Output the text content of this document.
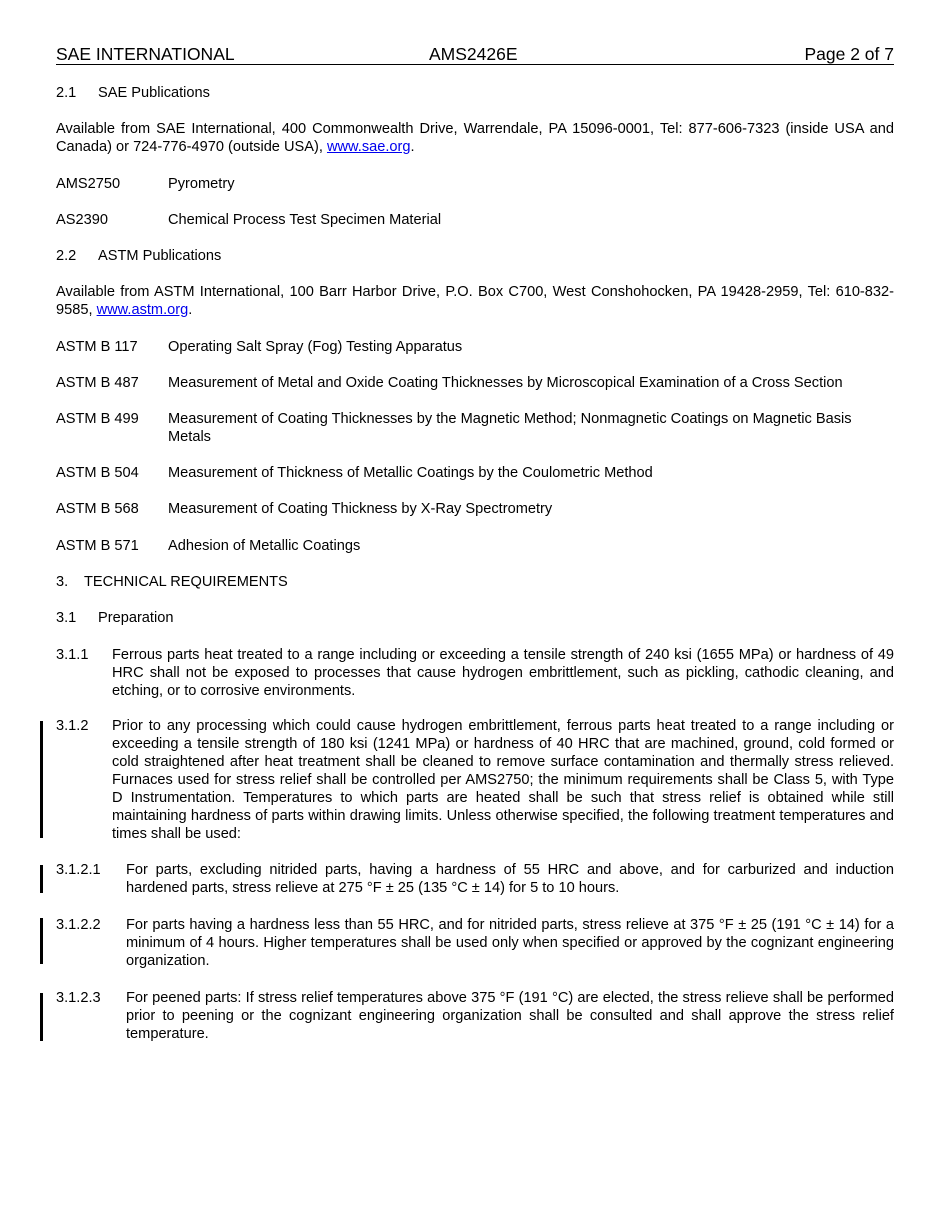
SAE INTERNATIONAL	AMS2426E	Page 2 of 7
2.1 SAE Publications
Available from SAE International, 400 Commonwealth Drive, Warrendale, PA 15096-0001, Tel: 877-606-7323 (inside USA and Canada) or 724-776-4970 (outside USA), www.sae.org.
AMS2750	Pyrometry
AS2390	Chemical Process Test Specimen Material
2.2 ASTM Publications
Available from ASTM International, 100 Barr Harbor Drive, P.O. Box C700, West Conshohocken, PA 19428-2959, Tel: 610-832-9585, www.astm.org.
ASTM B 117 Operating Salt Spray (Fog) Testing Apparatus
ASTM B 487 Measurement of Metal and Oxide Coating Thicknesses by Microscopical Examination of a Cross Section
ASTM B 499 Measurement of Coating Thicknesses by the Magnetic Method; Nonmagnetic Coatings on Magnetic Basis Metals
ASTM B 504 Measurement of Thickness of Metallic Coatings by the Coulometric Method
ASTM B 568 Measurement of Coating Thickness by X-Ray Spectrometry
ASTM B 571 Adhesion of Metallic Coatings
3. TECHNICAL REQUIREMENTS
3.1 Preparation
3.1.1 Ferrous parts heat treated to a range including or exceeding a tensile strength of 240 ksi (1655 MPa) or hardness of 49 HRC shall not be exposed to processes that cause hydrogen embrittlement, such as pickling, cathodic cleaning, and etching, or to corrosive environments.
3.1.2 Prior to any processing which could cause hydrogen embrittlement, ferrous parts heat treated to a range including or exceeding a tensile strength of 180 ksi (1241 MPa) or hardness of 40 HRC that are machined, ground, cold formed or cold straightened after heat treatment shall be cleaned to remove surface contamination and thermally stress relieved. Furnaces used for stress relief shall be controlled per AMS2750; the minimum requirements shall be Class 5, with Type D Instrumentation. Temperatures to which parts are heated shall be such that stress relief is obtained while still maintaining hardness of parts within drawing limits. Unless otherwise specified, the following treatment temperatures and times shall be used:
3.1.2.1 For parts, excluding nitrided parts, having a hardness of 55 HRC and above, and for carburized and induction hardened parts, stress relieve at 275 °F ± 25 (135 °C ± 14) for 5 to 10 hours.
3.1.2.2 For parts having a hardness less than 55 HRC, and for nitrided parts, stress relieve at 375 °F ± 25 (191 °C ± 14) for a minimum of 4 hours. Higher temperatures shall be used only when specified or approved by the cognizant engineering organization.
3.1.2.3 For peened parts: If stress relief temperatures above 375 °F (191 °C) are elected, the stress relieve shall be performed prior to peening or the cognizant engineering organization shall be consulted and shall approve the stress relief temperature.
